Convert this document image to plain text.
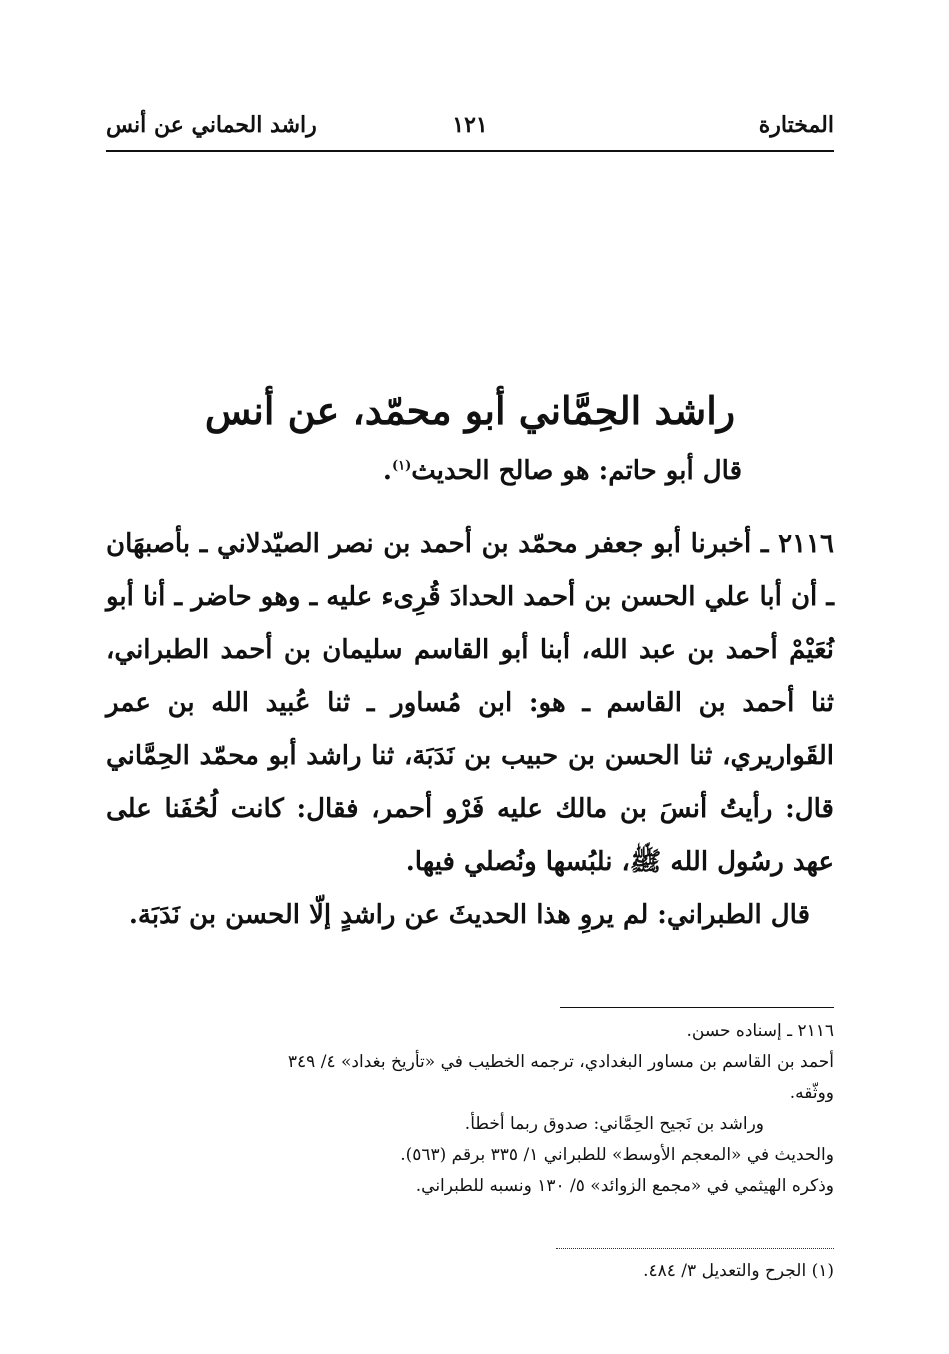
المختارة
١٢١
راشد الحماني عن أنس
راشد الحِمَّاني أبو محمّد، عن أنس
قال أبو حاتم: هو صالح الحديث$^{(١)}$.

٢١١٦ ـ أخبرنا أبو جعفر محمّد بن أحمد بن نصر الصيّدلاني ـ بأصبهَان ـ أن أبا علي الحسن بن أحمد الحدادَ قُرِىء عليه ـ وهو حاضر ـ أنا أبو نُعَيْمْ أحمد بن عبد الله، أبنا أبو القاسم سليمان بن أحمد الطبراني، ثنا أحمد بن القاسم ـ هو: ابن مُساور ـ ثنا عُبيد الله بن عمر القَواريري، ثنا الحسن بن حبيب بن نَدَبَة، ثنا راشد أبو محمّد الحِمَّاني قال: رأيتُ أنسَ بن مالك عليه فَرْو أحمر، فقال: كانت لُحُفَنا على عهد رسُول الله ﷺ، نلبُسها ونُصلي فيها.

قال الطبراني: لم يروِ هذا الحديثَ عن راشدٍ إلّا الحسن بن نَدَبَة.

٢١١٦ ـ إسناده حسن.
أحمد بن القاسم بن مساور البغدادي، ترجمه الخطيب في «تأريخ بغداد» ٤/ ٣٤٩
ووثّقه.
وراشد بن نَجيح الحِمَّاني: صدوق ربما أخطأ.
والحديث في «المعجم الأوسط» للطبراني ١/ ٣٣٥ برقم (٥٦٣).
وذكره الهيثمي في «مجمع الزوائد» ٥/ ١٣٠ ونسبه للطبراني.
(١) الجرح والتعديل ٣/ ٤٨٤.
